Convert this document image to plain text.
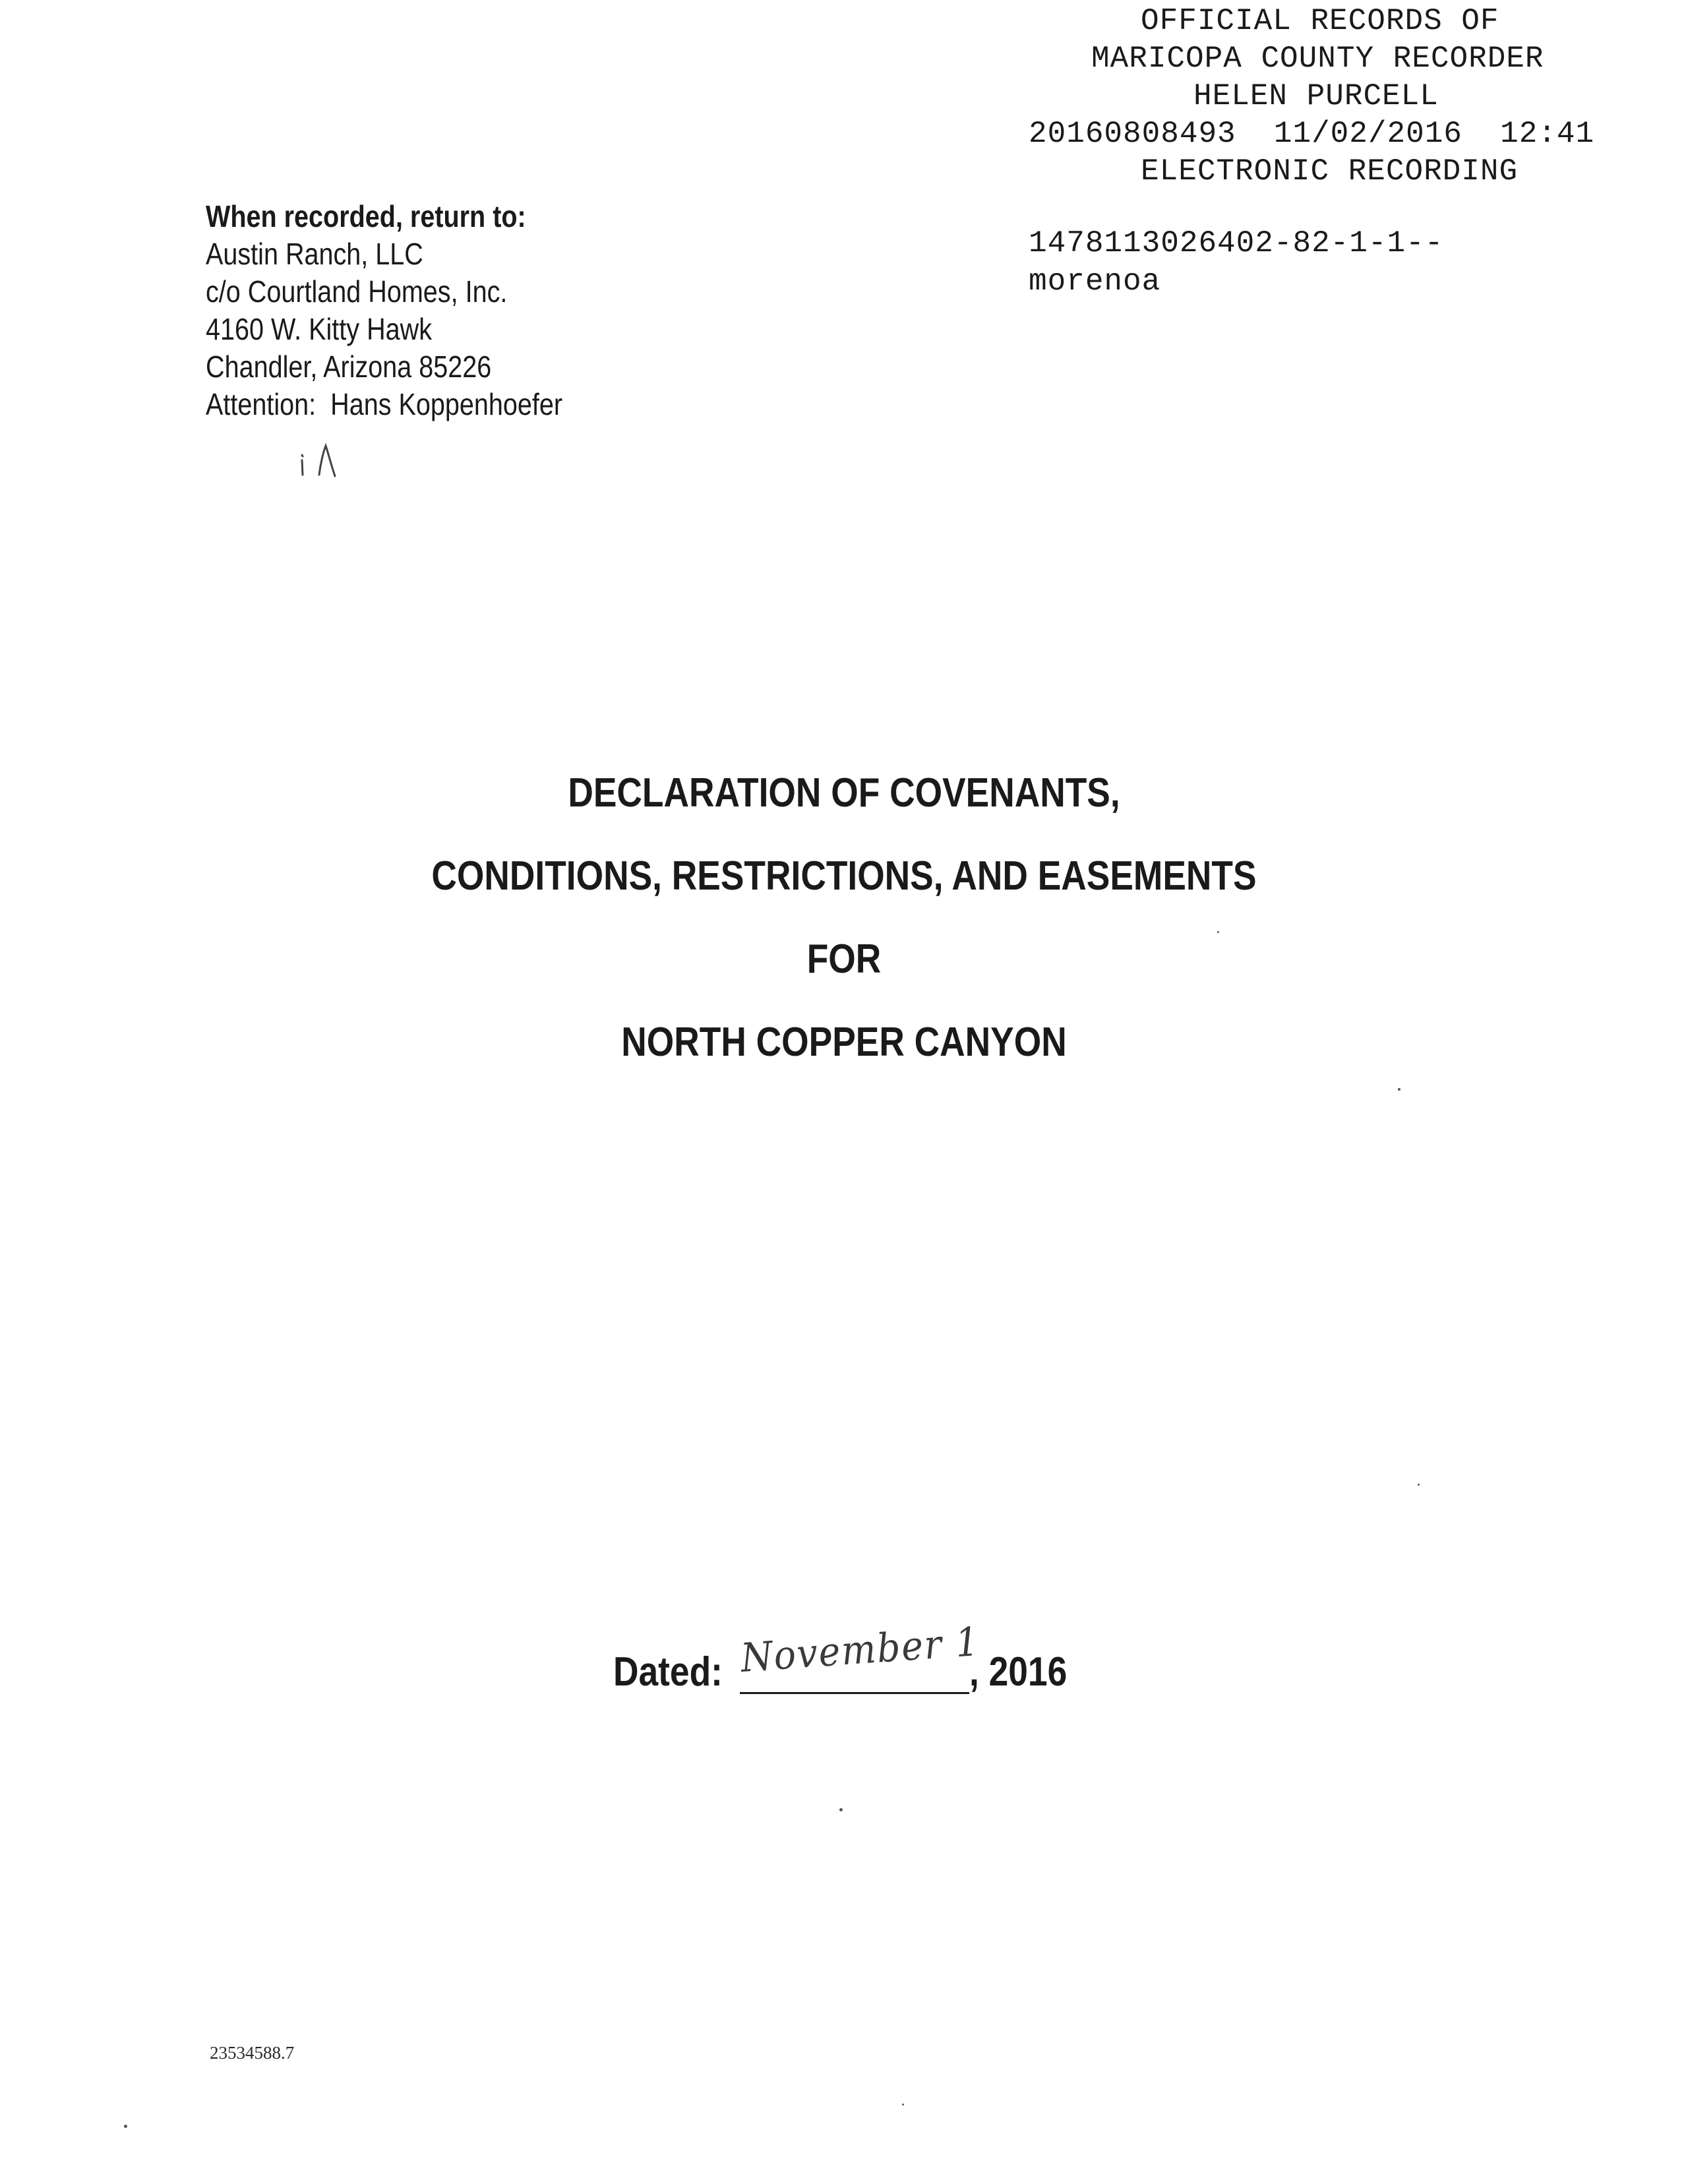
OFFICIAL RECORDS OF
MARICOPA COUNTY RECORDER
HELEN PURCELL
20160808493  11/02/2016  12:41
ELECTRONIC RECORDING
1478113026402-82-1-1--
morenoa
When recorded, return to:
Austin Ranch, LLC
c/o Courtland Homes, Inc.
4160 W. Kitty Hawk
Chandler, Arizona 85226
Attention:  Hans Koppenhoefer
DECLARATION OF COVENANTS,
CONDITIONS, RESTRICTIONS, AND EASEMENTS
FOR
NORTH COPPER CANYON
Dated: November 1
, 2016
23534588.7
